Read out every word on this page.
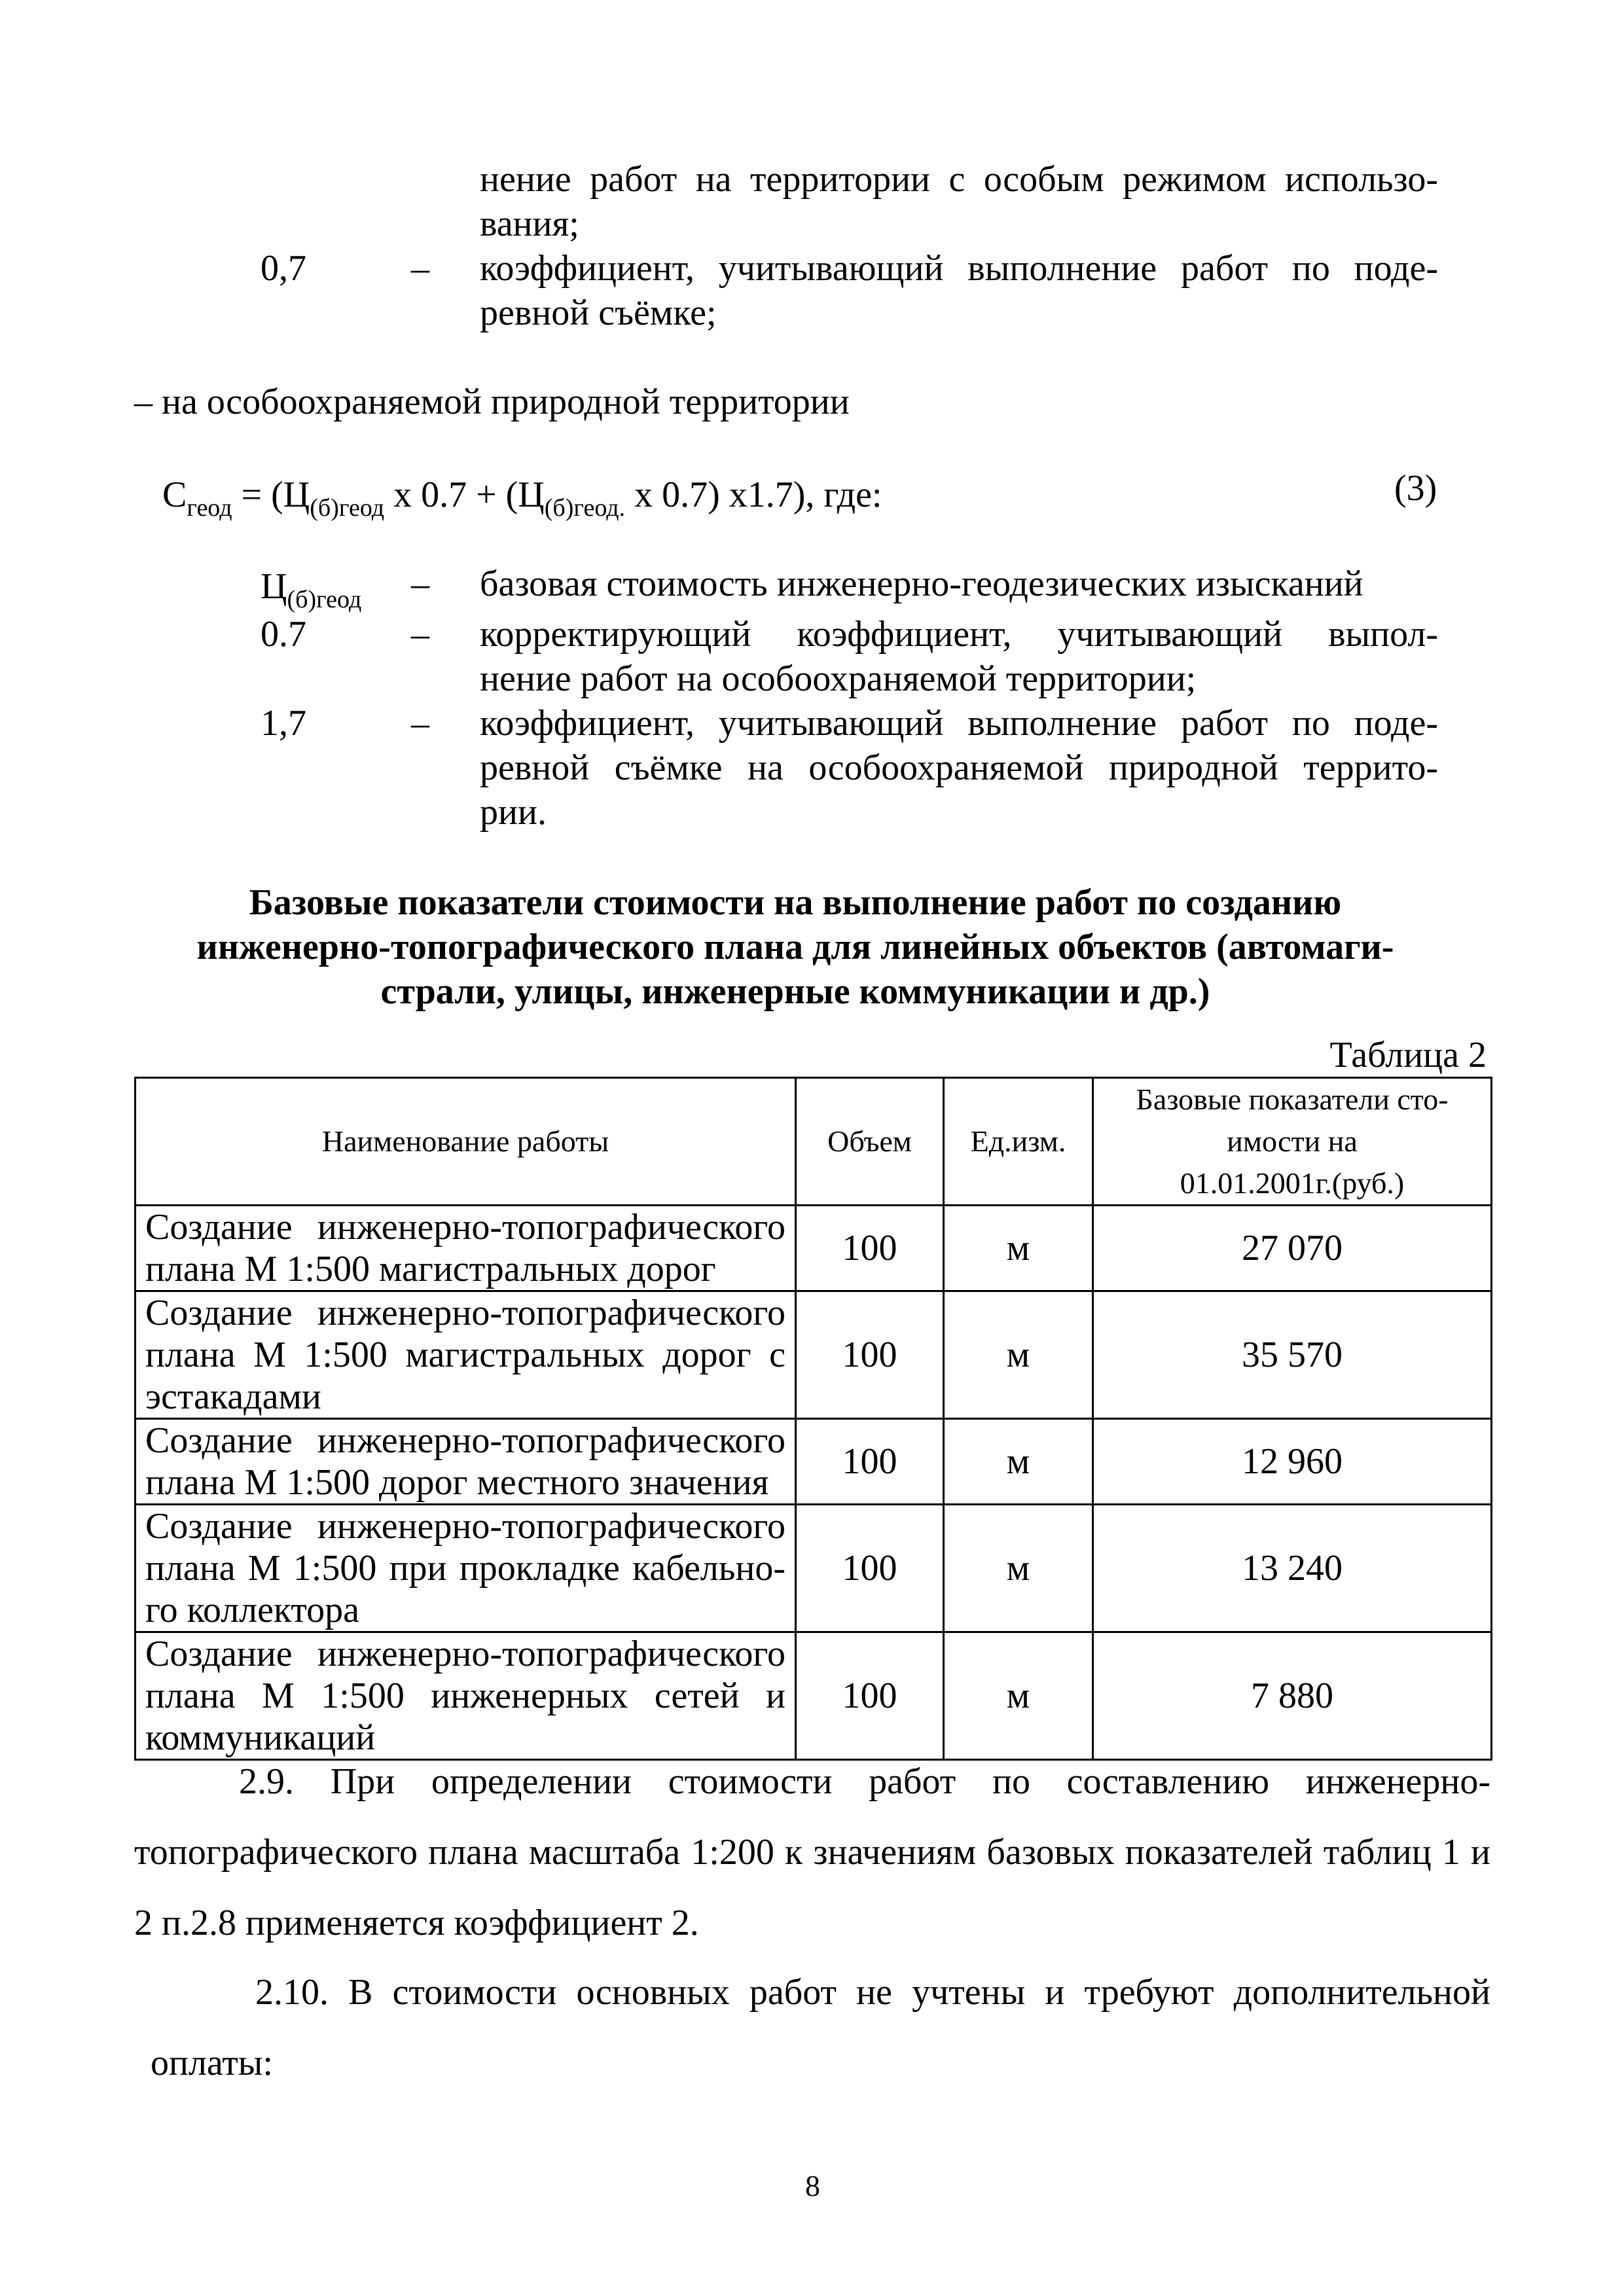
нение работ на территории с особым режимом использо-
вания;
0,7	– коэффициент, учитывающий выполнение работ по поде-
ревной съёмке;
– на особоохраняемой природной территории
$С_{геод} = (Ц_{(б)геод}$ х $0.7 + (Ц_{(б)геод.}$ х 0.7) х1.7), где:	(3)
$Ц_{(б)геод}$ – базовая стоимость инженерно-геодезических изысканий
0.7	– корректирующий коэффициент, учитывающий выпол-
нение работ на особоохраняемой территории;
1,7	– коэффициент, учитывающий выполнение работ по поде-
ревной съёмке на особоохраняемой природной террито-
рии.
Базовые показатели стоимости на выполнение работ по созданию
инженерно-топографического плана для линейных объектов (автомаги-
страли, улицы, инженерные коммуникации и др.)
Таблица 2
Наименование работы	Объем	Ед.изм.	Базовые показатели сто-
имости на
01.01.2001г.(руб.)
Создание инженерно-топографического плана М 1:500 магистральных дорог	100	м	27 070
Создание инженерно-топографического плана М 1:500 магистральных дорог с эстакадами	100	м	35 570
Создание инженерно-топографического плана М 1:500 дорог местного значения	100	м	12 960
Создание инженерно-топографического плана М 1:500 при прокладке кабельно-го коллектора	100	м	13 240
Создание инженерно-топографического плана М 1:500 инженерных сетей и коммуникаций	100	м	7 880
2.9. При определении стоимости работ по составлению инженерно-топографического плана масштаба 1:200 к значениям базовых показателей таблиц 1 и 2 п.2.8 применяется коэффициент 2.
2.10. В стоимости основных работ не учтены и требуют дополнительной оплаты:
8
